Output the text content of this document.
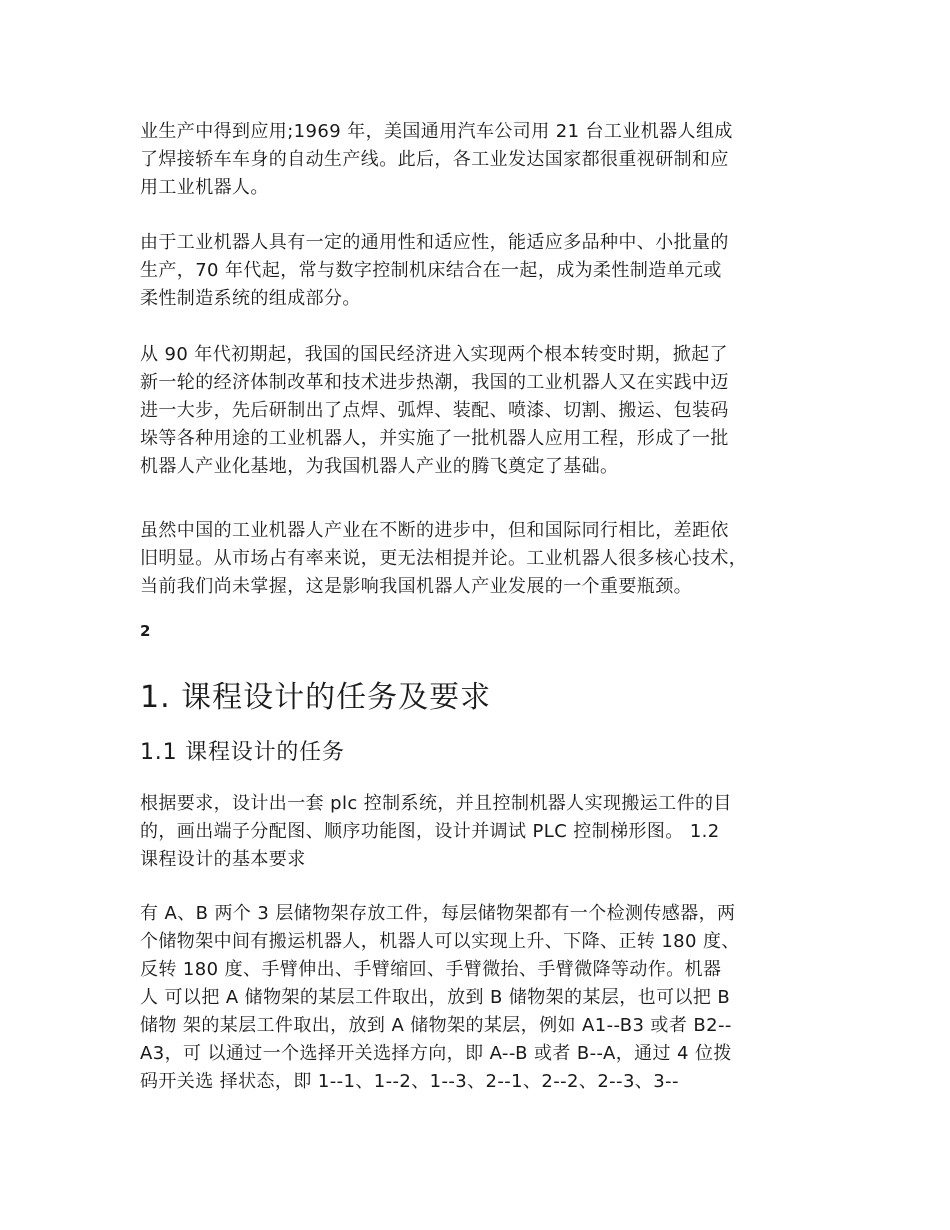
业生产中得到应用;1969 年，美国通用汽车公司用 21 台工业机器人组成
了焊接轿车车身的自动生产线。此后，各工业发达国家都很重视研制和应
用工业机器人。

由于工业机器人具有一定的通用性和适应性，能适应多品种中、小批量的
生产，70 年代起，常与数字控制机床结合在一起，成为柔性制造单元或
柔性制造系统的组成部分。

从 90 年代初期起，我国的国民经济进入实现两个根本转变时期，掀起了
新一轮的经济体制改革和技术进步热潮，我国的工业机器人又在实践中迈
进一大步，先后研制出了点焊、弧焊、装配、喷漆、切割、搬运、包装码
垛等各种用途的工业机器人，并实施了一批机器人应用工程，形成了一批
机器人产业化基地，为我国机器人产业的腾飞奠定了基础。

虽然中国的工业机器人产业在不断的进步中，但和国际同行相比，差距依
旧明显。从市场占有率来说，更无法相提并论。工业机器人很多核心技术，
当前我们尚未掌握，这是影响我国机器人产业发展的一个重要瓶颈。

2

1. 课程设计的任务及要求
1.1 课程设计的任务

根据要求，设计出一套 plc 控制系统，并且控制机器人实现搬运工件的目
的，画出端子分配图、顺序功能图，设计并调试 PLC 控制梯形图。 1.2
课程设计的基本要求

有 A、B 两个 3 层储物架存放工件，每层储物架都有一个检测传感器，两
个储物架中间有搬运机器人，机器人可以实现上升、下降、正转 180 度、
反转 180 度、手臂伸出、手臂缩回、手臂微抬、手臂微降等动作。机器
人 可以把 A 储物架的某层工件取出，放到 B 储物架的某层，也可以把 B
储物 架的某层工件取出，放到 A 储物架的某层，例如 A1--B3 或者 B2--
A3，可 以通过一个选择开关选择方向，即 A--B 或者 B--A，通过 4 位拨
码开关选 择状态，即 1--1、1--2、1--3、2--1、2--2、2--3、3--
